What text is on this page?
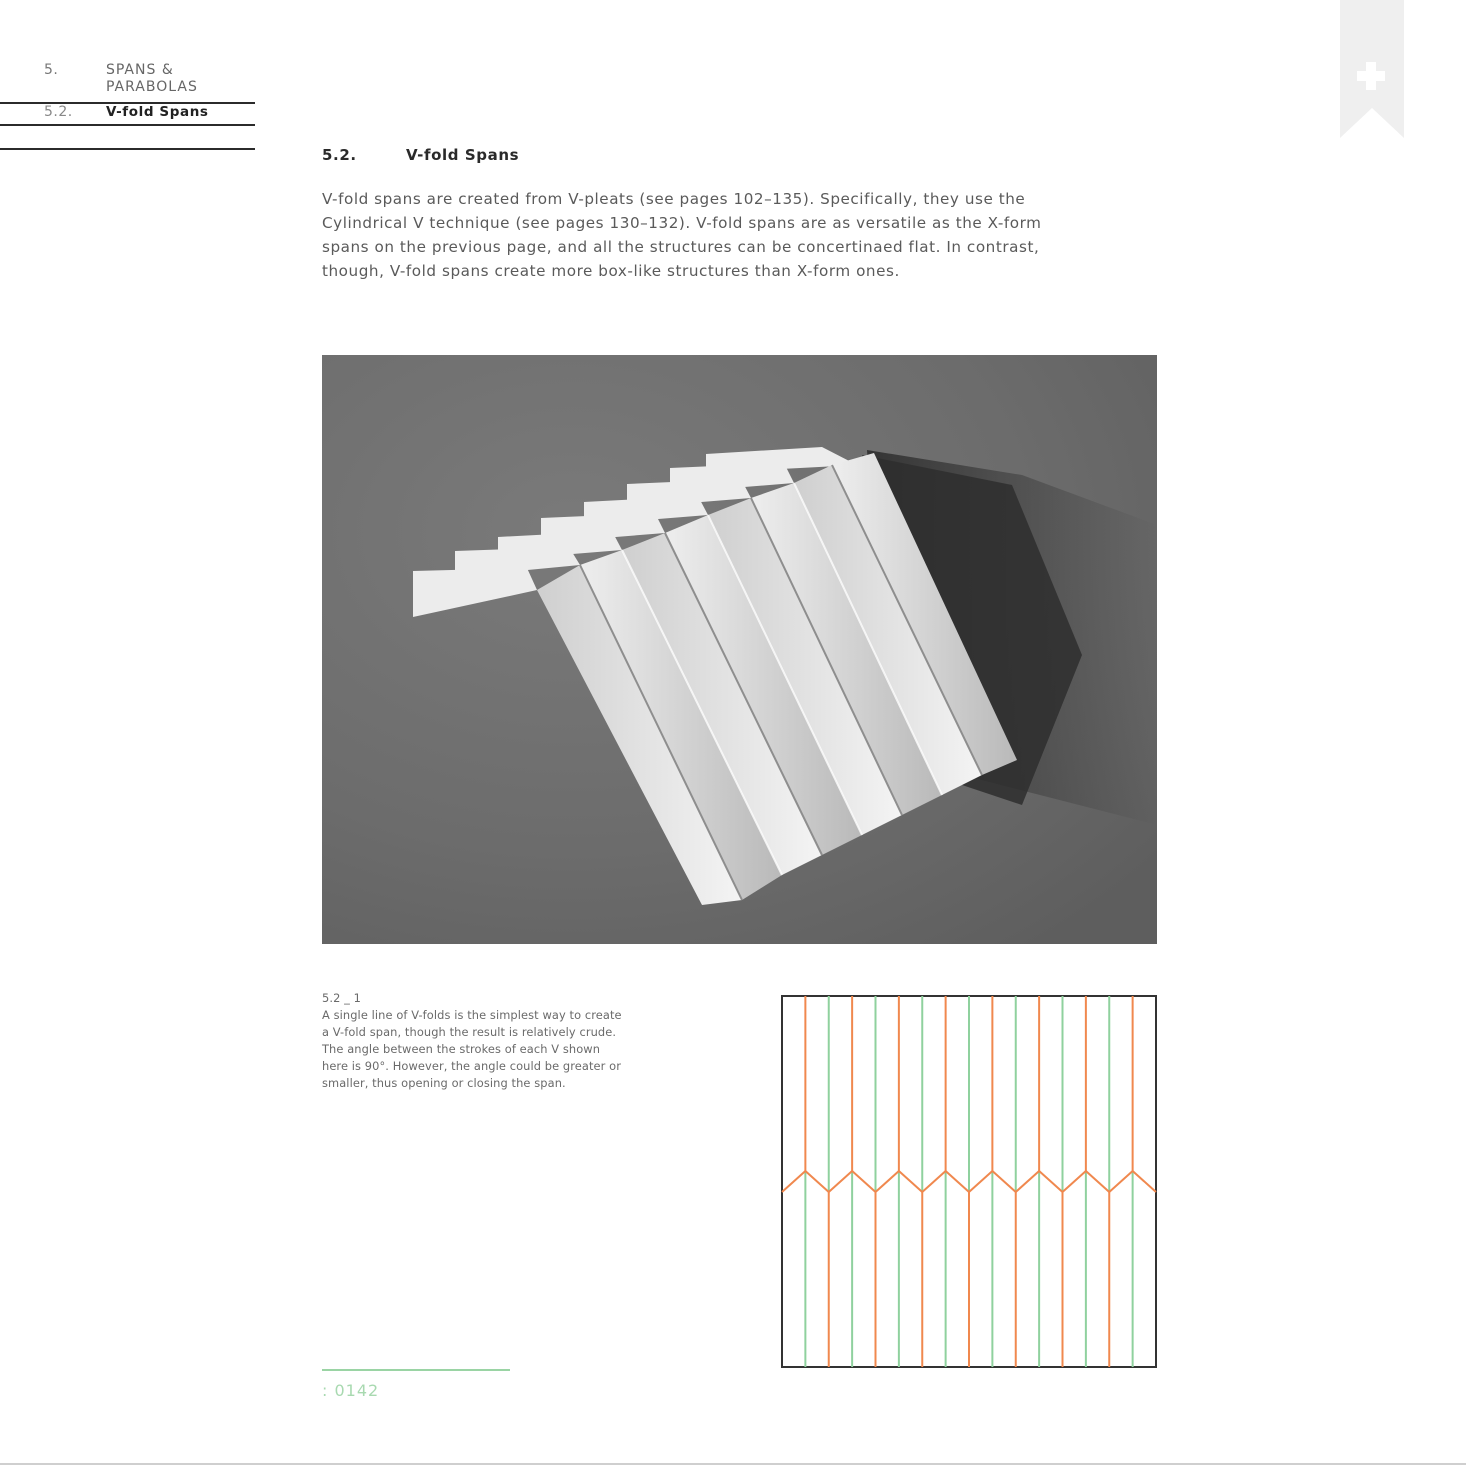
5.	SPANS &
PARABOLAS
5.2. V-fold Spans
5.2.	V-fold Spans
V-fold spans are created from V-pleats (see pages 102–135). Specifically, they use the Cylindrical V technique (see pages 130–132). V-fold spans are as versatile as the X-form spans on the previous page, and all the structures can be concertinaed flat. In contrast, though, V-fold spans create more box-like structures than X-form ones.
5.2 _ 1
A single line of V-folds is the simplest way to create a V-fold span, though the result is relatively crude. The angle between the strokes of each V shown here is 90°. However, the angle could be greater or smaller, thus opening or closing the span.
: 0142
